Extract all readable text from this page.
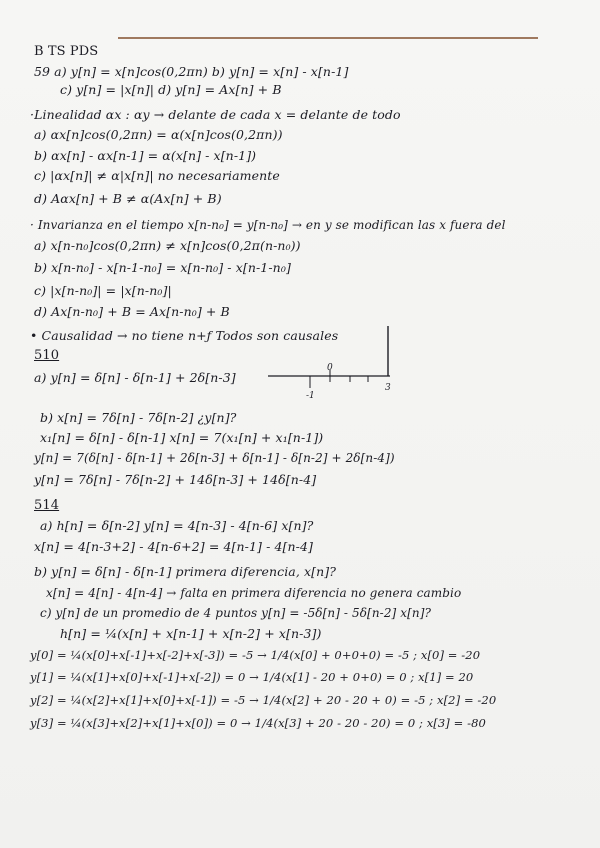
B TS PDS
59 a) y[n] = x[n]cos(0,2πn) b) y[n] = x[n] - x[n-1]
c) y[n] = |x[n]| d) y[n] = Ax[n] + B
·Linealidad αx : αy → delante de cada x = delante de todo
a) αx[n]cos(0,2πn) = α(x[n]cos(0,2πn))
b) αx[n] - αx[n-1] = α(x[n] - x[n-1])
c) |αx[n]| ≠ α|x[n]| no necesariamente
d) Aαx[n] + B ≠ α(Ax[n] + B)
· Invarianza en el tiempo x[n-n₀] = y[n-n₀] → en y se modifican las x fuera del
a) x[n-n₀]cos(0,2πn) ≠ x[n]cos(0,2π(n-n₀))
b) x[n-n₀] - x[n-1-n₀] = x[n-n₀] - x[n-1-n₀]
c) |x[n-n₀]| = |x[n-n₀]|
d) Ax[n-n₀] + B = Ax[n-n₀] + B
• Causalidad → no tiene n+ƒ Todos son causales
510
a) y[n] = δ[n] - δ[n-1] + 2δ[n-3]
-1
0
3
b) x[n] = 7δ[n] - 7δ[n-2] ¿y[n]?
x₁[n] = δ[n] - δ[n-1] x[n] = 7(x₁[n] + x₁[n-1])
y[n] = 7(δ[n] - δ[n-1] + 2δ[n-3] + δ[n-1] - δ[n-2] + 2δ[n-4])
y[n] = 7δ[n] - 7δ[n-2] + 14δ[n-3] + 14δ[n-4]
514
a) h[n] = δ[n-2] y[n] = 4[n-3] - 4[n-6] x[n]?
x[n] = 4[n-3+2] - 4[n-6+2] = 4[n-1] - 4[n-4]
b) y[n] = δ[n] - δ[n-1] primera diferencia, x[n]?
x[n] = 4[n] - 4[n-4] → falta en primera diferencia no genera cambio
c) y[n] de un promedio de 4 puntos y[n] = -5δ[n] - 5δ[n-2] x[n]?
h[n] = ¼(x[n] + x[n-1] + x[n-2] + x[n-3])
y[0] = ¼(x[0]+x[-1]+x[-2]+x[-3]) = -5 → 1/4(x[0] + 0+0+0) = -5 ; x[0] = -20
y[1] = ¼(x[1]+x[0]+x[-1]+x[-2]) = 0 → 1/4(x[1] - 20 + 0+0) = 0 ; x[1] = 20
y[2] = ¼(x[2]+x[1]+x[0]+x[-1]) = -5 → 1/4(x[2] + 20 - 20 + 0) = -5 ; x[2] = -20
y[3] = ¼(x[3]+x[2]+x[1]+x[0]) = 0 → 1/4(x[3] + 20 - 20 - 20) = 0 ; x[3] = -80
